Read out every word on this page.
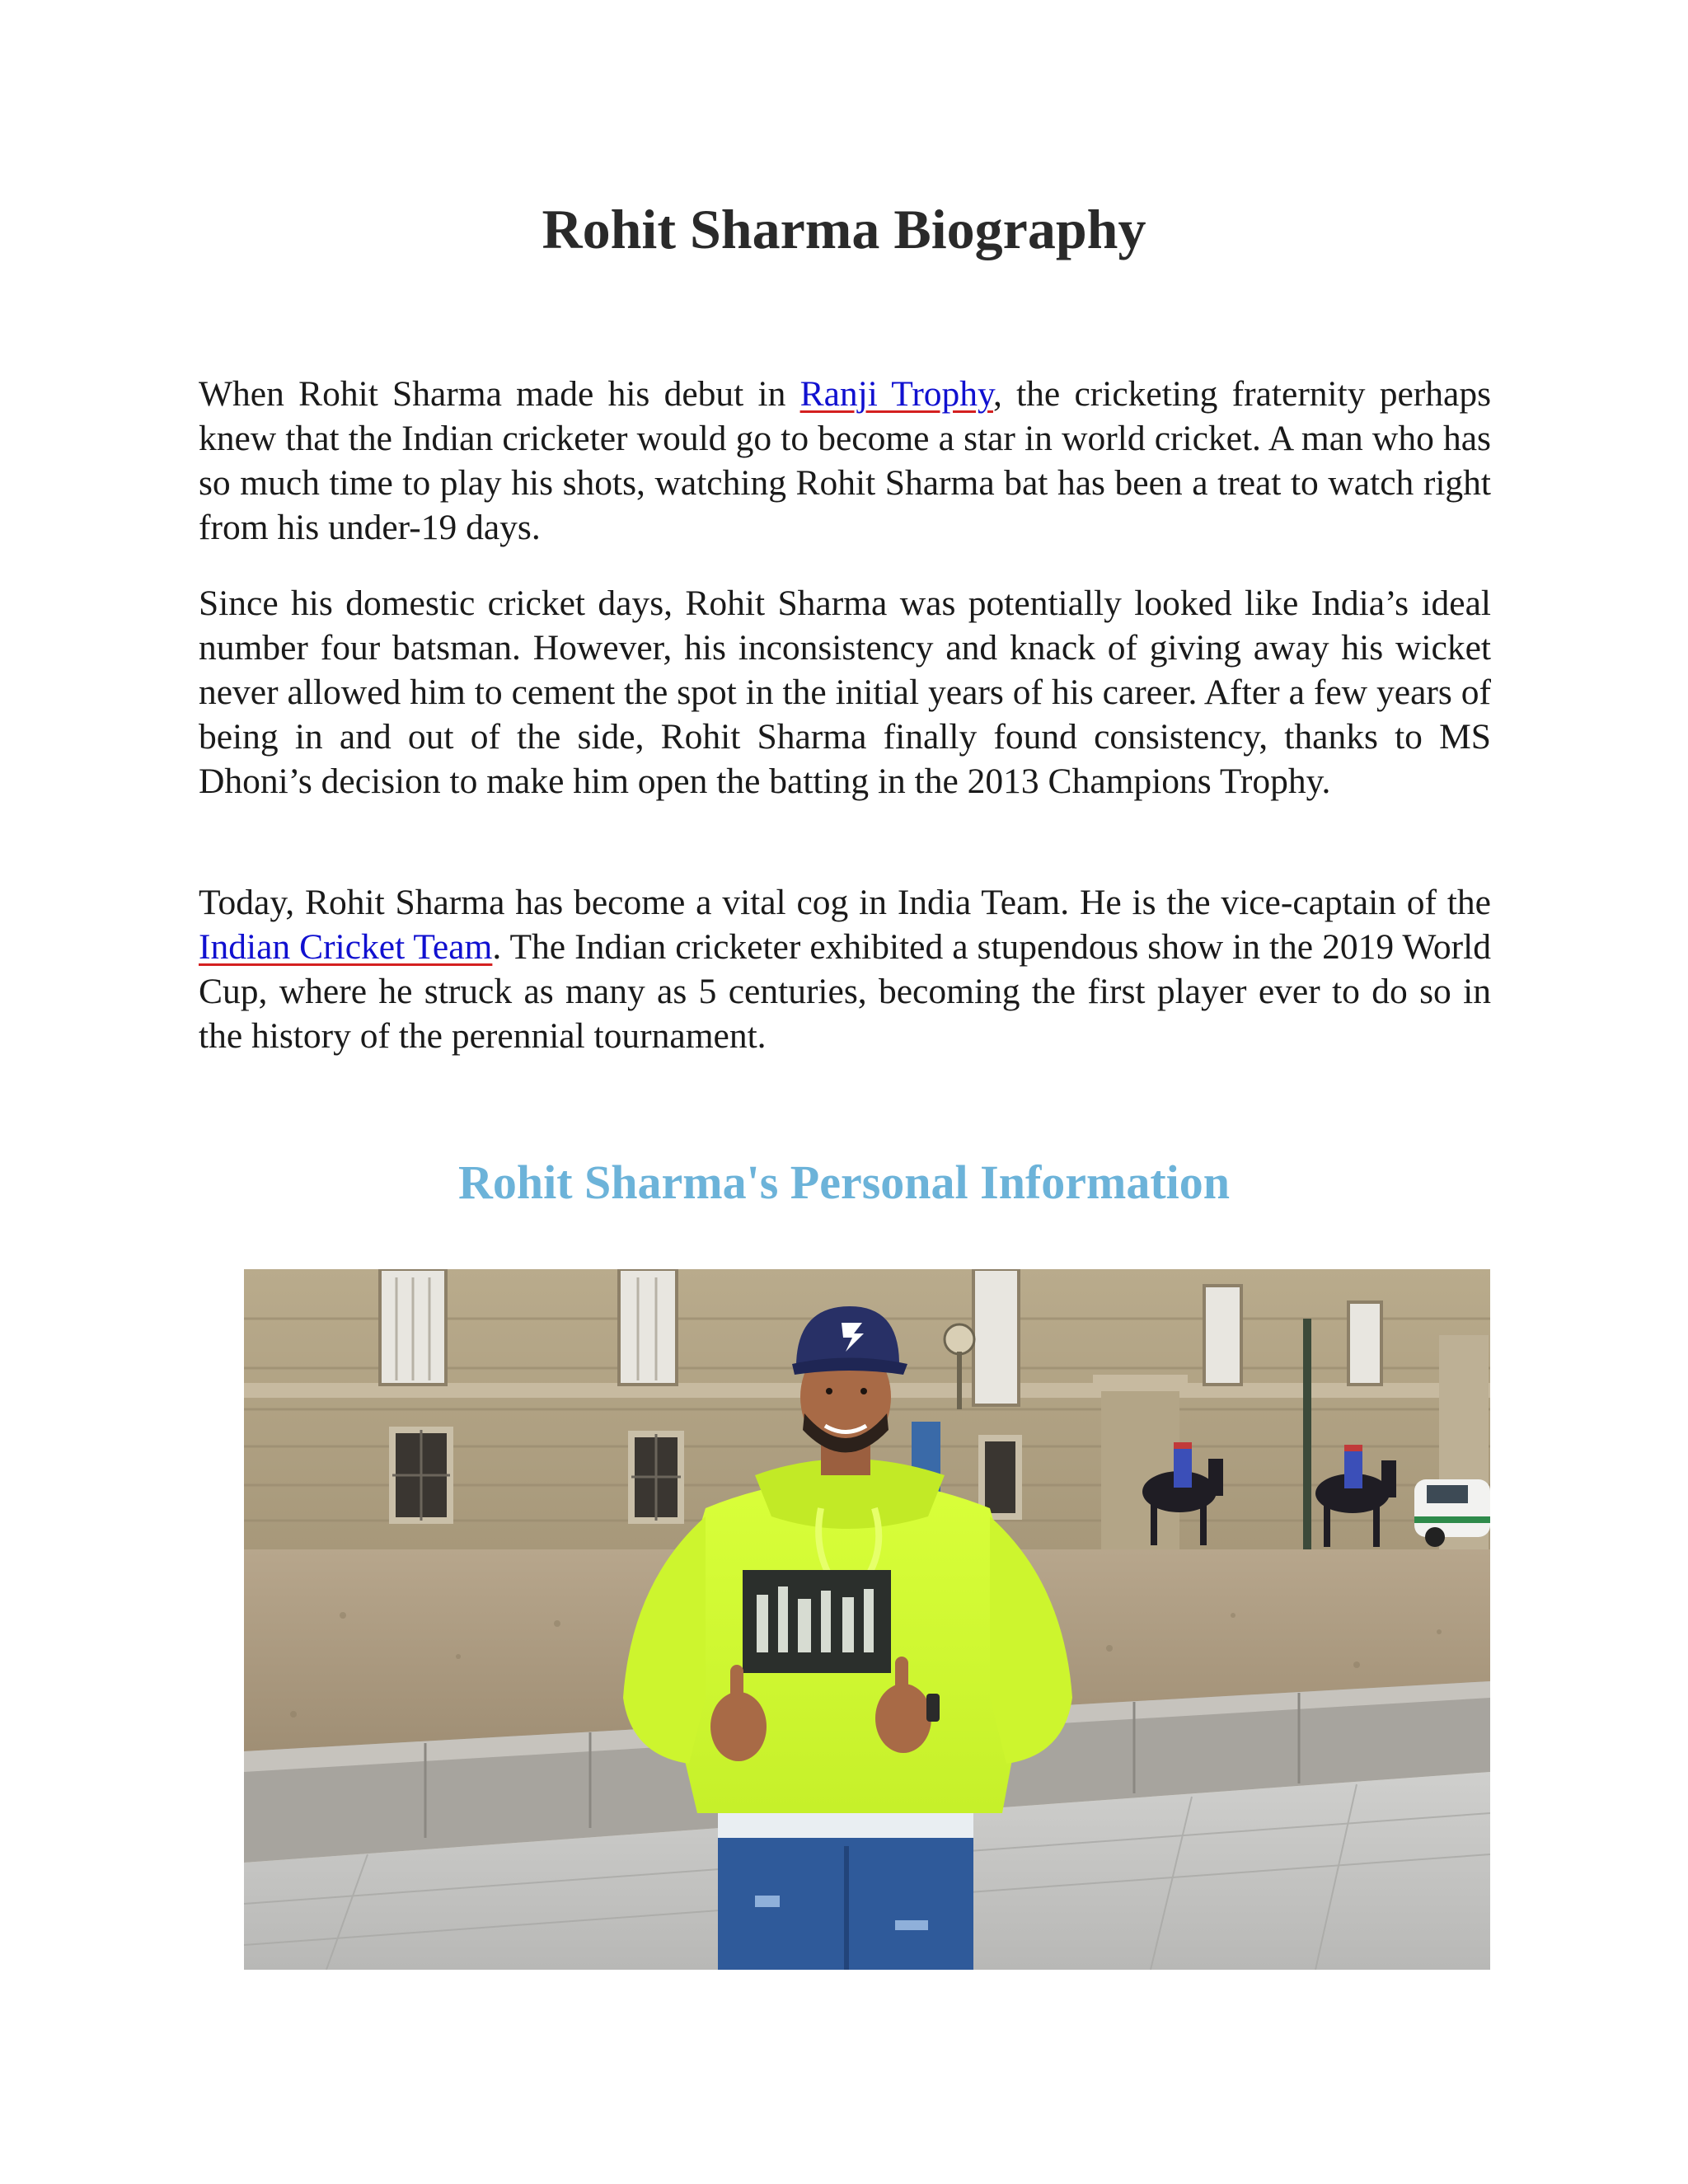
Rohit Sharma Biography

When Rohit Sharma made his debut in Ranji Trophy, the cricketing fraternity perhaps knew that the Indian cricketer would go to become a star in world cricket. A man who has so much time to play his shots, watching Rohit Sharma bat has been a treat to watch right from his under-19 days.

Since his domestic cricket days, Rohit Sharma was potentially looked like India’s ideal number four batsman. However, his inconsistency and knack of giving away his wicket never allowed him to cement the spot in the initial years of his career. After a few years of being in and out of the side, Rohit Sharma finally found consistency, thanks to MS Dhoni’s decision to make him open the batting in the 2013 Champions Trophy.

Today, Rohit Sharma has become a vital cog in India Team. He is the vice-captain of the Indian Cricket Team. The Indian cricketer exhibited a stupendous show in the 2019 World Cup, where he struck as many as 5 centuries, becoming the first player ever to do so in the history of the perennial tournament.

Rohit Sharma's Personal Information
